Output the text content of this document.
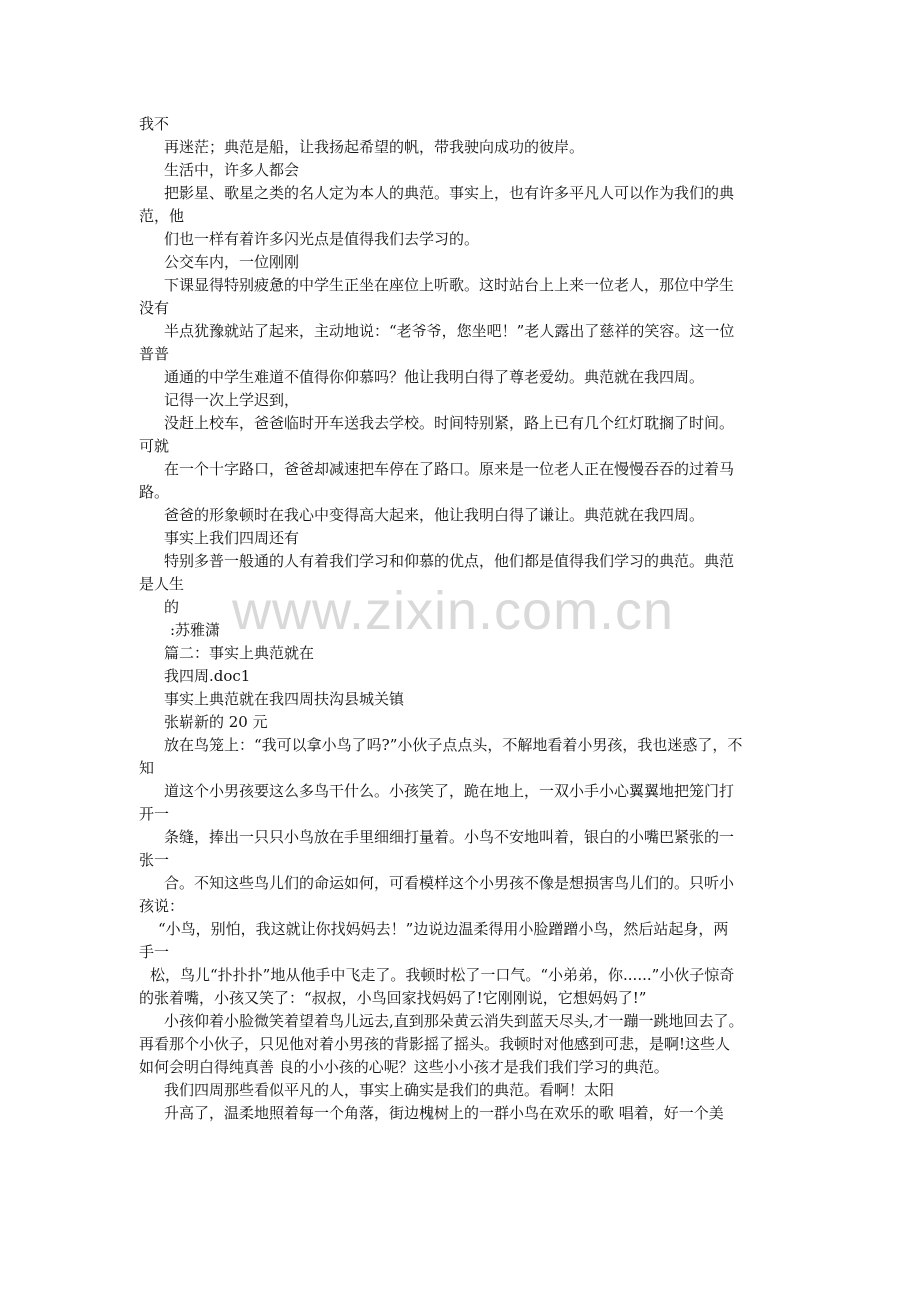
www.zixin.com.cn
我不
再迷茫；典范是船，让我扬起希望的帆，带我驶向成功的彼岸。
生活中，许多人都会
把影星、歌星之类的名人定为本人的典范。事实上，也有许多平凡人可以作为我们的典
范，他
们也一样有着许多闪光点是值得我们去学习的。
公交车内，一位刚刚
下课显得特别疲惫的中学生正坐在座位上听歌。这时站台上上来一位老人，那位中学生
没有
半点犹豫就站了起来，主动地说：“老爷爷，您坐吧！”老人露出了慈祥的笑容。这一位
普普
通通的中学生难道不值得你仰慕吗？他让我明白得了尊老爱幼。典范就在我四周。
记得一次上学迟到，
没赶上校车，爸爸临时开车送我去学校。时间特别紧，路上已有几个红灯耽搁了时间。
可就
在一个十字路口，爸爸却减速把车停在了路口。原来是一位老人正在慢慢吞吞的过着马
路。
爸爸的形象顿时在我心中变得高大起来，他让我明白得了谦让。典范就在我四周。
事实上我们四周还有
特别多普一般通的人有着我们学习和仰慕的优点，他们都是值得我们学习的典范。典范
是人生
的
:苏雅潇
篇二：事实上典范就在
我四周.doc1
事实上典范就在我四周扶沟县城关镇
张崭新的 20 元
放在鸟笼上：“我可以拿小鸟了吗?”小伙子点点头，不解地看着小男孩，我也迷惑了，不
知
道这个小男孩要这么多鸟干什么。小孩笑了，跪在地上，一双小手小心翼翼地把笼门打
开一
条缝，捧出一只只小鸟放在手里细细打量着。小鸟不安地叫着，银白的小嘴巴紧张的一
张一
合。不知这些鸟儿们的命运如何，可看模样这个小男孩不像是想损害鸟儿们的。只听小
孩说：
“小鸟，别怕，我这就让你找妈妈去！”边说边温柔得用小脸蹭蹭小鸟，然后站起身，两
手一
松，鸟儿“扑扑扑”地从他手中飞走了。我顿时松了一口气。“小弟弟，你......”小伙子惊奇
的张着嘴，小孩又笑了：“叔叔，小鸟回家找妈妈了!它刚刚说，它想妈妈了!”
小孩仰着小脸微笑着望着鸟儿远去,直到那朵黄云消失到蓝天尽头,才一蹦一跳地回去了。
再看那个小伙子，只见他对着小男孩的背影摇了摇头。我顿时对他感到可悲，是啊!这些人
如何会明白得纯真善 良的小小孩的心呢？这些小小孩才是我们我们学习的典范。
我们四周那些看似平凡的人，事实上确实是我们的典范。看啊！太阳
升高了，温柔地照着每一个角落，街边槐树上的一群小鸟在欢乐的歌 唱着，好一个美
